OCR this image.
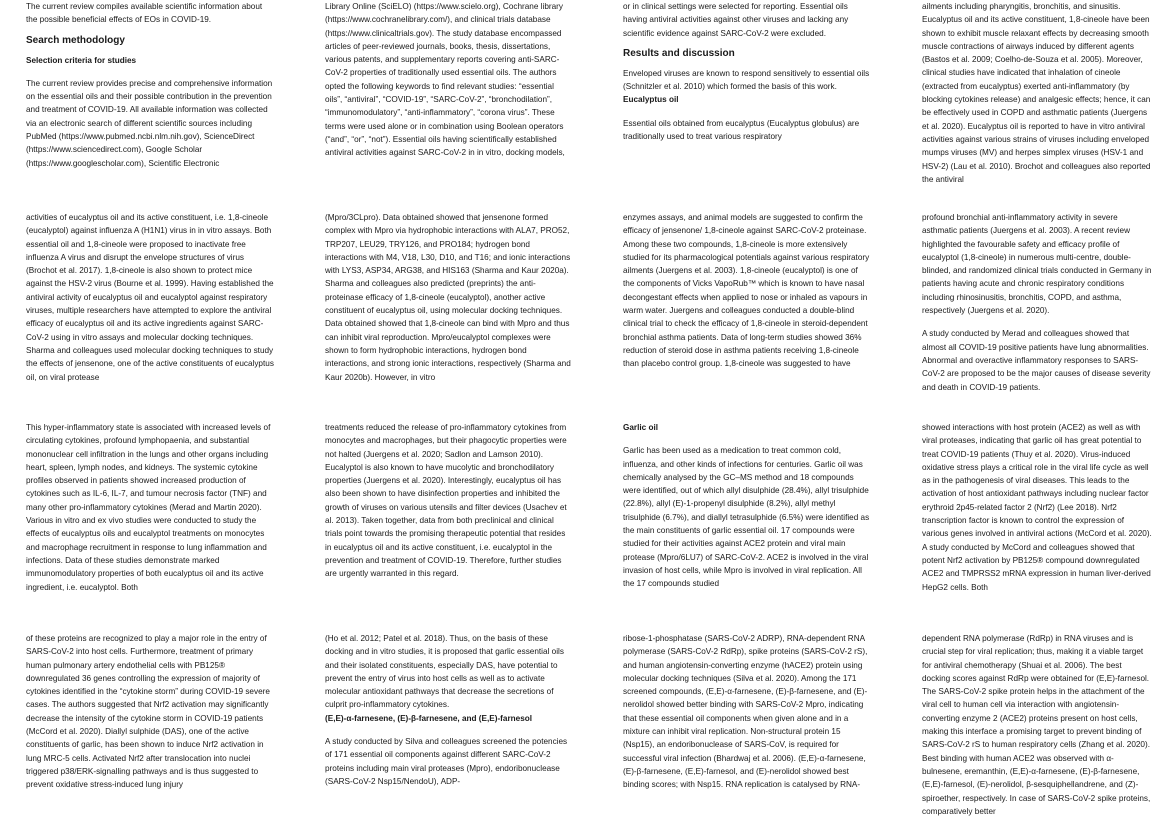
The current review compiles available scientific information about the possible beneficial effects of EOs in COVID-19.

Search methodology

Selection criteria for studies

The current review provides precise and comprehensive information on the essential oils and their possible contribution in the prevention and treatment of COVID-19. All available information was collected via an electronic search of different scientific sources including PubMed (https://www.pubmed.ncbi.nlm.nih.gov), ScienceDirect (https://www.sciencedirect.com), Google Scholar (https://www.googlescholar.com), Scientific Electronic

Library Online (SciELO) (https://www.scielo.org), Cochrane library (https://www.cochranelibrary.com/), and clinical trials database (https://www.clinicaltrials.gov). The study database encompassed articles of peer-reviewed journals, books, thesis, dissertations, various patents, and supplementary reports covering anti-SARC-CoV-2 properties of traditionally used essential oils. The authors opted the following keywords to find relevant studies: “essential oils”, “antiviral”, “COVID-19”, “SARC-CoV-2”, “bronchodilation”, “immunomodulatory”, “anti-inflammatory”, “corona virus”. These terms were used alone or in combination using Boolean operators (“and”, “or”, “not”). Essential oils having scientifically established antiviral activities against SARC-CoV-2 in in vitro, docking models,

or in clinical settings were selected for reporting. Essential oils having antiviral activities against other viruses and lacking any scientific evidence against SARC-CoV-2 were excluded.

Results and discussion

Enveloped viruses are known to respond sensitively to essential oils (Schnitzler et al. 2010) which formed the basis of this work.

Eucalyptus oil

Essential oils obtained from eucalyptus (Eucalyptus globulus) are traditionally used to treat various respiratory

ailments including pharyngitis, bronchitis, and sinusitis. Eucalyptus oil and its active constituent, 1,8-cineole have been shown to exhibit muscle relaxant effects by decreasing smooth muscle contractions of airways induced by different agents (Bastos et al. 2009; Coelho-de-Souza et al. 2005). Moreover, clinical studies have indicated that inhalation of cineole (extracted from eucalyptus) exerted anti-inflammatory (by blocking cytokines release) and analgesic effects; hence, it can be effectively used in COPD and asthmatic patients (Juergens et al. 2020). Eucalyptus oil is reported to have in vitro antiviral activities against various strains of viruses including enveloped mumps viruses (MV) and herpes simplex viruses (HSV-1 and HSV-2) (Lau et al. 2010). Brochot and colleagues also reported the antiviral

activities of eucalyptus oil and its active constituent, i.e. 1,8-cineole (eucalyptol) against influenza A (H1N1) virus in in vitro assays. Both essential oil and 1,8-cineole were proposed to inactivate free influenza A virus and disrupt the envelope structures of virus (Brochot et al. 2017). 1,8-cineole is also shown to protect mice against the HSV-2 virus (Bourne et al. 1999). Having established the antiviral activity of eucalyptus oil and eucalyptol against respiratory viruses, multiple researchers have attempted to explore the antiviral efficacy of eucalyptus oil and its active ingredients against SARC-CoV-2 using in vitro assays and molecular docking techniques. Sharma and colleagues used molecular docking techniques to study the effects of jensenone, one of the active constituents of eucalyptus oil, on viral protease

(Mpro/3CLpro). Data obtained showed that jensenone formed complex with Mpro via hydrophobic interactions with ALA7, PRO52, TRP207, LEU29, TRY126, and PRO184; hydrogen bond interactions with M4, V18, L30, D10, and T16; and ionic interactions with LYS3, ASP34, ARG38, and HIS163 (Sharma and Kaur 2020a). Sharma and colleagues also predicted (preprints) the anti-proteinase efficacy of 1,8-cineole (eucalyptol), another active constituent of eucalyptus oil, using molecular docking techniques. Data obtained showed that 1,8-cineole can bind with Mpro and thus can inhibit viral reproduction. Mpro/eucalyptol complexes were shown to form hydrophobic interactions, hydrogen bond interactions, and strong ionic interactions, respectively (Sharma and Kaur 2020b). However, in vitro

enzymes assays, and animal models are suggested to confirm the efficacy of jensenone/ 1,8-cineole against SARC-CoV-2 proteinase. Among these two compounds, 1,8-cineole is more extensively studied for its pharmacological potentials against various respiratory ailments (Juergens et al. 2003). 1,8-cineole (eucalyptol) is one of the components of Vicks VapoRub™ which is known to have nasal decongestant effects when applied to nose or inhaled as vapours in warm water. Juergens and colleagues conducted a double-blind clinical trial to check the efficacy of 1,8-cineole in steroid-dependent bronchial asthma patients. Data of long-term studies showed 36% reduction of steroid dose in asthma patients receiving 1,8-cineole than placebo control group. 1,8-cineole was suggested to have

profound bronchial anti-inflammatory activity in severe asthmatic patients (Juergens et al. 2003). A recent review highlighted the favourable safety and efficacy profile of eucalyptol (1,8-cineole) in numerous multi-centre, double-blinded, and randomized clinical trials conducted in Germany in patients having acute and chronic respiratory conditions including rhinosinusitis, bronchitis, COPD, and asthma, respectively (Juergens et al. 2020).

A study conducted by Merad and colleagues showed that almost all COVID-19 positive patients have lung abnormalities. Abnormal and overactive inflammatory responses to SARS-CoV-2 are proposed to be the major causes of disease severity and death in COVID-19 patients.

This hyper-inflammatory state is associated with increased levels of circulating cytokines, profound lymphopaenia, and substantial mononuclear cell infiltration in the lungs and other organs including heart, spleen, lymph nodes, and kidneys. The systemic cytokine profiles observed in patients showed increased production of cytokines such as IL-6, IL-7, and tumour necrosis factor (TNF) and many other pro-inflammatory cytokines (Merad and Martin 2020). Various in vitro and ex vivo studies were conducted to study the effects of eucalyptus oils and eucalyptol treatments on monocytes and macrophage recruitment in response to lung inflammation and infections. Data of these studies demonstrate marked immunomodulatory properties of both eucalyptus oil and its active ingredient, i.e. eucalyptol. Both

treatments reduced the release of pro-inflammatory cytokines from monocytes and macrophages, but their phagocytic properties were not halted (Juergens et al. 2020; Sadlon and Lamson 2010). Eucalyptol is also known to have mucolytic and bronchodilatory properties (Juergens et al. 2020). Interestingly, eucalyptus oil has also been shown to have disinfection properties and inhibited the growth of viruses on various utensils and filter devices (Usachev et al. 2013). Taken together, data from both preclinical and clinical trials point towards the promising therapeutic potential that resides in eucalyptus oil and its active constituent, i.e. eucalyptol in the prevention and treatment of COVID-19. Therefore, further studies are urgently warranted in this regard.

Garlic oil

Garlic has been used as a medication to treat common cold, influenza, and other kinds of infections for centuries. Garlic oil was chemically analysed by the GC–MS method and 18 compounds were identified, out of which allyl disulphide (28.4%), allyl trisulphide (22.8%), allyl (E)-1-propenyl disulphide (8.2%), allyl methyl trisulphide (6.7%), and diallyl tetrasulphide (6.5%) were identified as the main constituents of garlic essential oil. 17 compounds were studied for their activities against ACE2 protein and viral main protease (Mpro/6LU7) of SARC-CoV-2. ACE2 is involved in the viral invasion of host cells, while Mpro is involved in viral replication. All the 17 compounds studied

showed interactions with host protein (ACE2) as well as with viral proteases, indicating that garlic oil has great potential to treat COVID-19 patients (Thuy et al. 2020). Virus-induced oxidative stress plays a critical role in the viral life cycle as well as in the pathogenesis of viral diseases. This leads to the activation of host antioxidant pathways including nuclear factor erythroid 2p45-related factor 2 (Nrf2) (Lee 2018). Nrf2 transcription factor is known to control the expression of various genes involved in antiviral actions (McCord et al. 2020). A study conducted by McCord and colleagues showed that potent Nrf2 activation by PB125® compound downregulated ACE2 and TMPRSS2 mRNA expression in human liver-derived HepG2 cells. Both

of these proteins are recognized to play a major role in the entry of SARS-CoV-2 into host cells. Furthermore, treatment of primary human pulmonary artery endothelial cells with PB125® downregulated 36 genes controlling the expression of majority of cytokines identified in the “cytokine storm” during COVID-19 severe cases. The authors suggested that Nrf2 activation may significantly decrease the intensity of the cytokine storm in COVID-19 patients (McCord et al. 2020). Diallyl sulphide (DAS), one of the active constituents of garlic, has been shown to induce Nrf2 activation in lung MRC-5 cells. Activated Nrf2 after translocation into nuclei triggered p38/ERK-signalling pathways and is thus suggested to prevent oxidative stress-induced lung injury

(Ho et al. 2012; Patel et al. 2018). Thus, on the basis of these docking and in vitro studies, it is proposed that garlic essential oils and their isolated constituents, especially DAS, have potential to prevent the entry of virus into host cells as well as to activate molecular antioxidant pathways that decrease the secretions of culprit pro-inflammatory cytokines.

(E,E)-α-farnesene, (E)-β-farnesene, and (E,E)-farnesol

A study conducted by Silva and colleagues screened the potencies of 171 essential oil components against different SARC-CoV-2 proteins including main viral proteases (Mpro), endoribonuclease (SARS-CoV-2 Nsp15/NendoU), ADP-

ribose-1-phosphatase (SARS-CoV-2 ADRP), RNA-dependent RNA polymerase (SARS-CoV-2 RdRp), spike proteins (SARS-CoV-2 rS), and human angiotensin-converting enzyme (hACE2) protein using molecular docking techniques (Silva et al. 2020). Among the 171 screened compounds, (E,E)-α-farnesene, (E)-β-farnesene, and (E)-nerolidol showed better binding with SARS-CoV-2 Mpro, indicating that these essential oil components when given alone and in a mixture can inhibit viral replication. Non-structural protein 15 (Nsp15), an endoribonuclease of SARS-CoV, is required for successful viral infection (Bhardwaj et al. 2006). (E,E)-α-farnesene, (E)-β-farnesene, (E,E)-farnesol, and (E)-nerolidol showed best binding scores; with Nsp15. RNA replication is catalysed by RNA-

dependent RNA polymerase (RdRp) in RNA viruses and is crucial step for viral replication; thus, making it a viable target for antiviral chemotherapy (Shuai et al. 2006). The best docking scores against RdRp were obtained for (E,E)-farnesol. The SARS-CoV-2 spike protein helps in the attachment of the viral cell to human cell via interaction with angiotensin-converting enzyme 2 (ACE2) proteins present on host cells, making this interface a promising target to prevent binding of SARS-CoV-2 rS to human respiratory cells (Zhang et al. 2020). Best binding with human ACE2 was observed with α-bulnesene, eremanthin, (E,E)-α-farnesene, (E)-β-farnesene, (E,E)-farnesol, (E)-nerolidol, β-sesquiphellandrene, and (Z)-spiroether, respectively. In case of SARS-CoV-2 spike proteins, comparatively better
